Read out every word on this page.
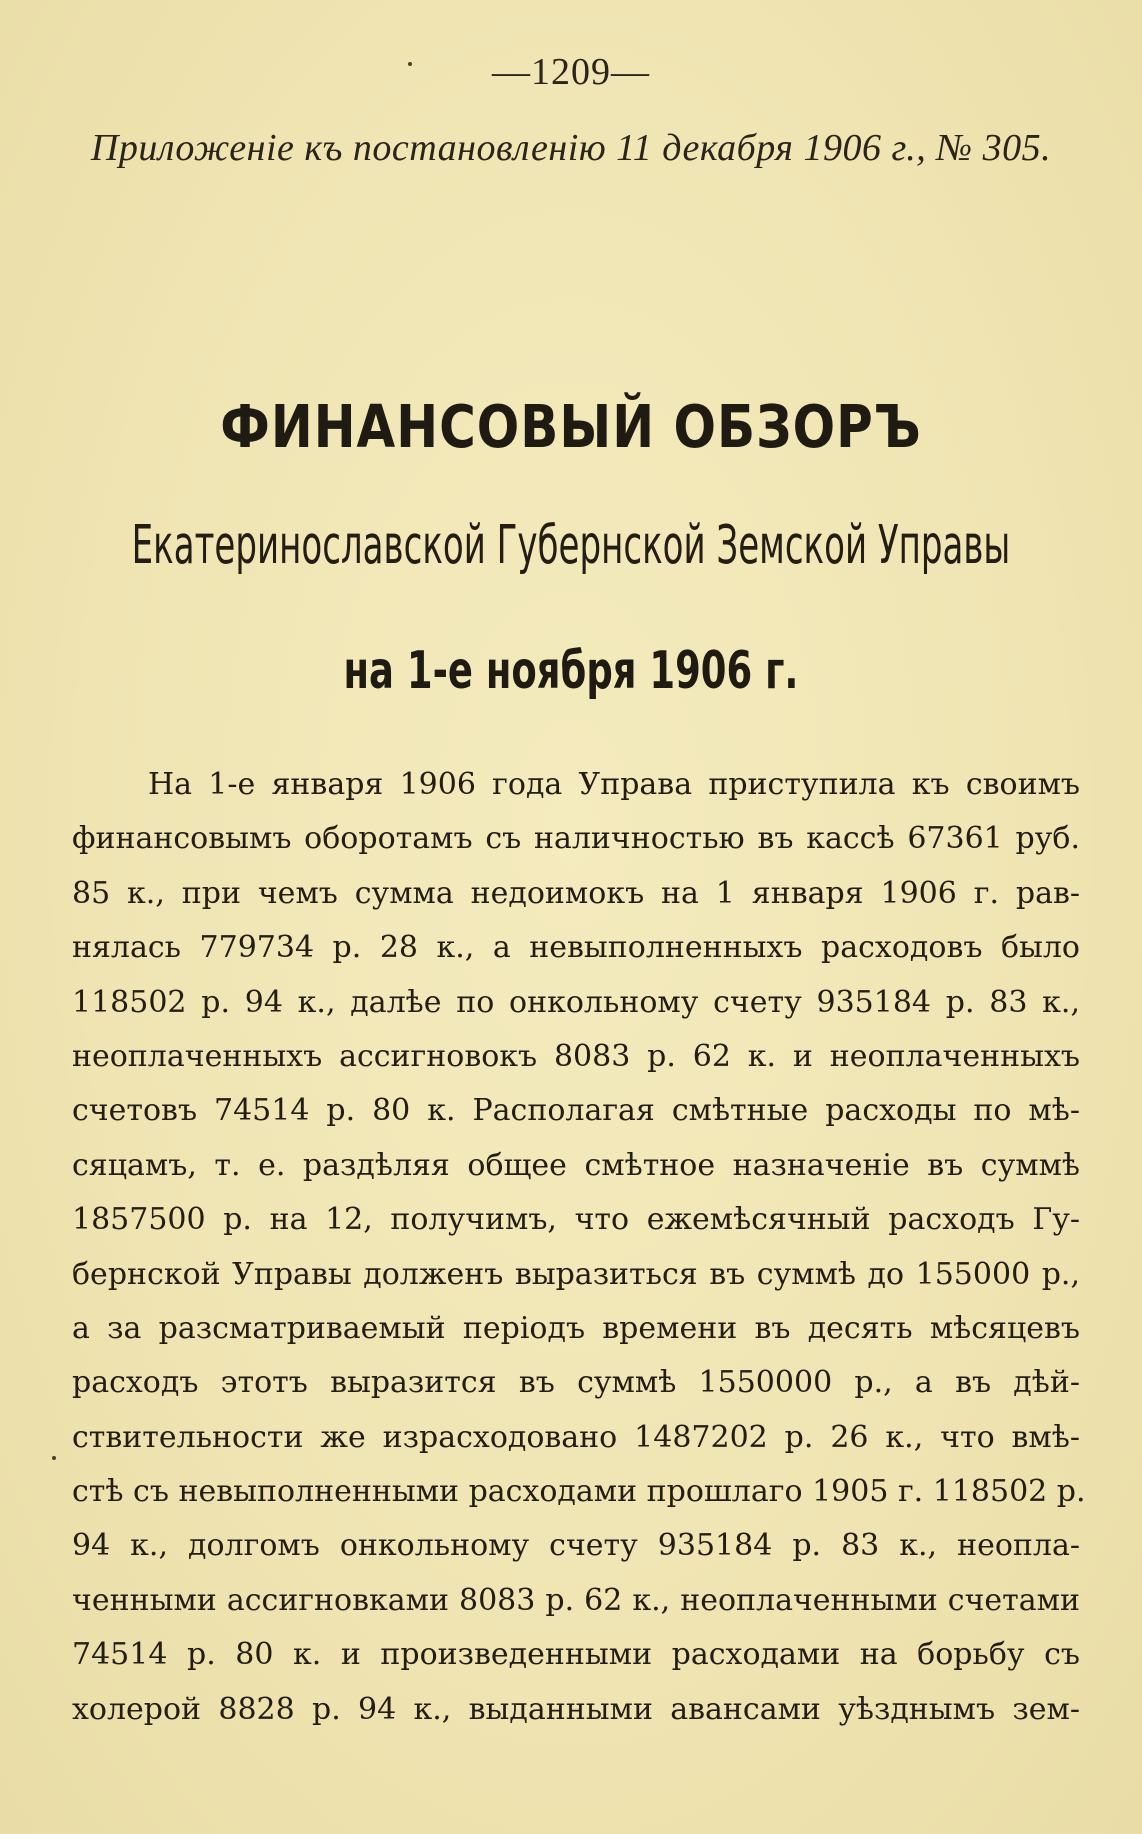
—1209—
Приложеніе къ постановленію 11 декабря 1906 г., № 305.
ФИНАНСОВЫЙ ОБЗОРЪ
Екатеринославской Губернской Земской Управы
на 1-е ноября 1906 г.
На 1-е января 1906 года Управа приступила къ своимъ
финансовымъ оборотамъ съ наличностью въ кассѣ 67361 руб.
85 к., при чемъ сумма недоимокъ на 1 января 1906 г. рав-
нялась 779734 р. 28 к., а невыполненныхъ расходовъ было
118502 р. 94 к., далѣе по онкольному счету 935184 р. 83 к.,
неоплаченныхъ ассигновокъ 8083 р. 62 к. и неоплаченныхъ
счетовъ 74514 р. 80 к. Располагая смѣтные расходы по мѣ-
сяцамъ, т. е. раздѣляя общее смѣтное назначеніе въ суммѣ
1857500 р. на 12, получимъ, что ежемѣсячный расходъ Гу-
бернской Управы долженъ выразиться въ суммѣ до 155000 р.,
а за разсматриваемый періодъ времени въ десять мѣсяцевъ
расходъ этотъ выразится въ суммѣ 1550000 р., а въ дѣй-
ствительности же израсходовано 1487202 р. 26 к., что вмѣ-
стѣ съ невыполненными расходами прошлаго 1905 г. 118502 р.
94 к., долгомъ онкольному счету 935184 р. 83 к., неопла-
ченными ассигновками 8083 р. 62 к., неоплаченными счетами
74514 р. 80 к. и произведенными расходами на борьбу съ
холерой 8828 р. 94 к., выданными авансами уѣзднымъ зем-
